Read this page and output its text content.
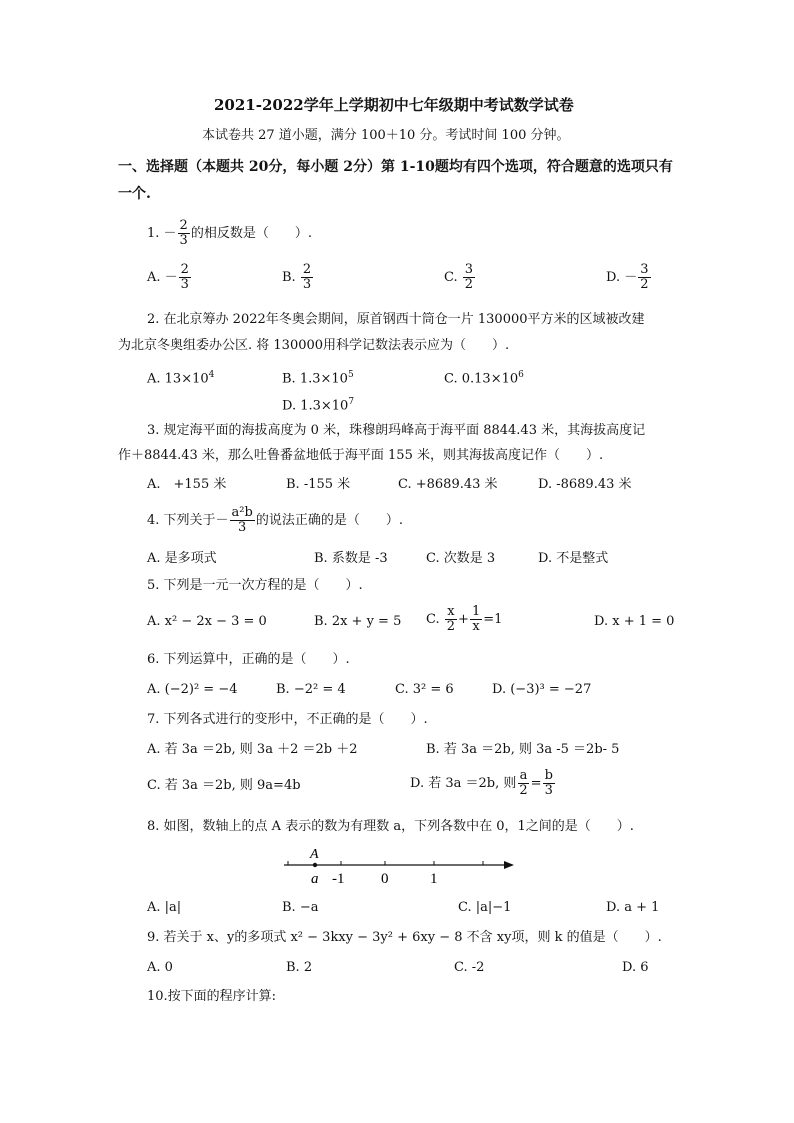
2021-2022学年上学期初中七年级期中考试数学试卷
本试卷共 27 道小题，满分 100＋10 分。考试时间 100 分钟。
一、选择题（本题共 20分，每小题 2分）第 1-10题均有四个选项，符合题意的选项只有
一个.
1. － $\frac{2}{3}$ 的相反数是（　　）.
A. － $\frac{2}{3}$	B. $\frac{2}{3}$	C. $\frac{3}{2}$	D. － $\frac{3}{2}$
2. 在北京筹办 2022年冬奥会期间，原首钢西十筒仓一片 130000平方米的区域被改建
为北京冬奥组委办公区. 将 130000用科学记数法表示应为（　　）.
A. $13\times 10^4$	B. $1.3\times 10^5$	C. $0.13\times 10^6$
D. $1.3\times 10^7$
3. 规定海平面的海拔高度为 0 米，珠穆朗玛峰高于海平面 8844.43 米，其海拔高度记
作＋8844.43 米，那么吐鲁番盆地低于海平面 155 米，则其海拔高度记作（　　）.
A.　+155 米	B. -155 米	C. +8689.43 米	D. -8689.43 米
4. 下列关于－ $\frac{\text{a²b}}{3}$ 的说法正确的是（　　）.
A. 是多项式	B. 系数是 -3	C. 次数是 3	D. 不是整式
5. 下列是一元一次方程的是（　　）.
A. x² − 2x − 3 = 0	B. 2x + y = 5 C. $\frac{x}{2} + \frac{1}{x} =1$	D. x + 1 = 0
6. 下列运算中，正确的是（　　）.
A. (−2)² = −4	B. −2² = 4	C. 3² = 6	D. (−3)³ = −27
7. 下列各式进行的变形中，不正确的是（　　）.
A. 若 3a ＝2b, 则 3a ＋2 ＝2b ＋2	B. 若 3a ＝2b, 则 3a -5 ＝2b- 5
C. 若 3a ＝2b, 则 9a=4b	D. 若 3a ＝2b, 则 $\frac{a}{2} = \frac{b}{3}$
8. 如图，数轴上的点 A 表示的数为有理数 a，下列各数中在 0，1之间的是（　　）.
A
a -1 0	1
A. |a|	B. −a	C. |a|−1	D. a + 1
9. 若关于 x、y的多项式 x² − 3kxy − 3y² + 6xy − 8 不含 xy项，则 k 的值是（　　）.
A. 0	B. 2	C. -2	D. 6
10.按下面的程序计算:
